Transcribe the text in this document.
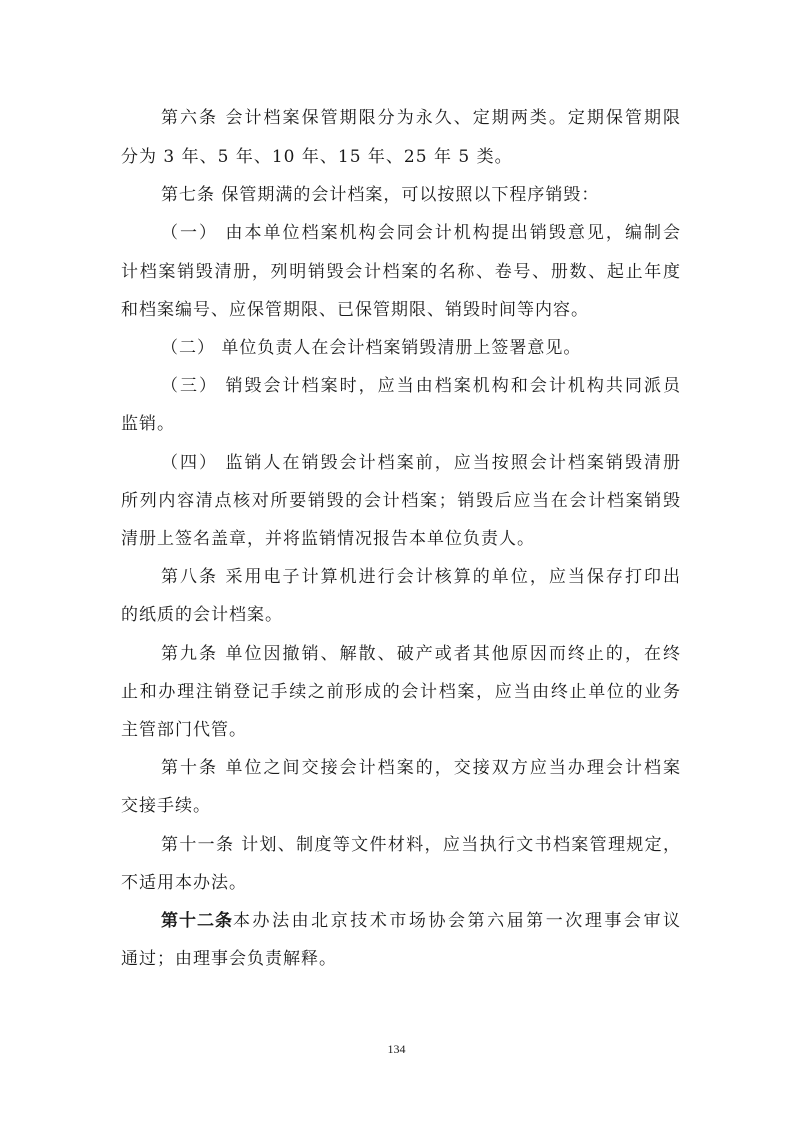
第六条 会计档案保管期限分为永久、定期两类。定期保管期限
分为 3 年、5 年、10 年、15 年、25 年 5 类。
第七条 保管期满的会计档案，可以按照以下程序销毁：
（一） 由本单位档案机构会同会计机构提出销毁意见，编制会
计档案销毁清册，列明销毁会计档案的名称、卷号、册数、起止年度
和档案编号、应保管期限、已保管期限、销毁时间等内容。
（二） 单位负责人在会计档案销毁清册上签署意见。
（三） 销毁会计档案时，应当由档案机构和会计机构共同派员
监销。
（四） 监销人在销毁会计档案前，应当按照会计档案销毁清册
所列内容清点核对所要销毁的会计档案；销毁后应当在会计档案销毁
清册上签名盖章，并将监销情况报告本单位负责人。
第八条 采用电子计算机进行会计核算的单位，应当保存打印出
的纸质的会计档案。
第九条 单位因撤销、解散、破产或者其他原因而终止的，在终
止和办理注销登记手续之前形成的会计档案，应当由终止单位的业务
主管部门代管。
第十条 单位之间交接会计档案的，交接双方应当办理会计档案
交接手续。
第十一条 计划、制度等文件材料，应当执行文书档案管理规定，
不适用本办法。
第十二条 本办法由北京技术市场协会第六届第一次理事会审议
通过；由理事会负责解释。
134
